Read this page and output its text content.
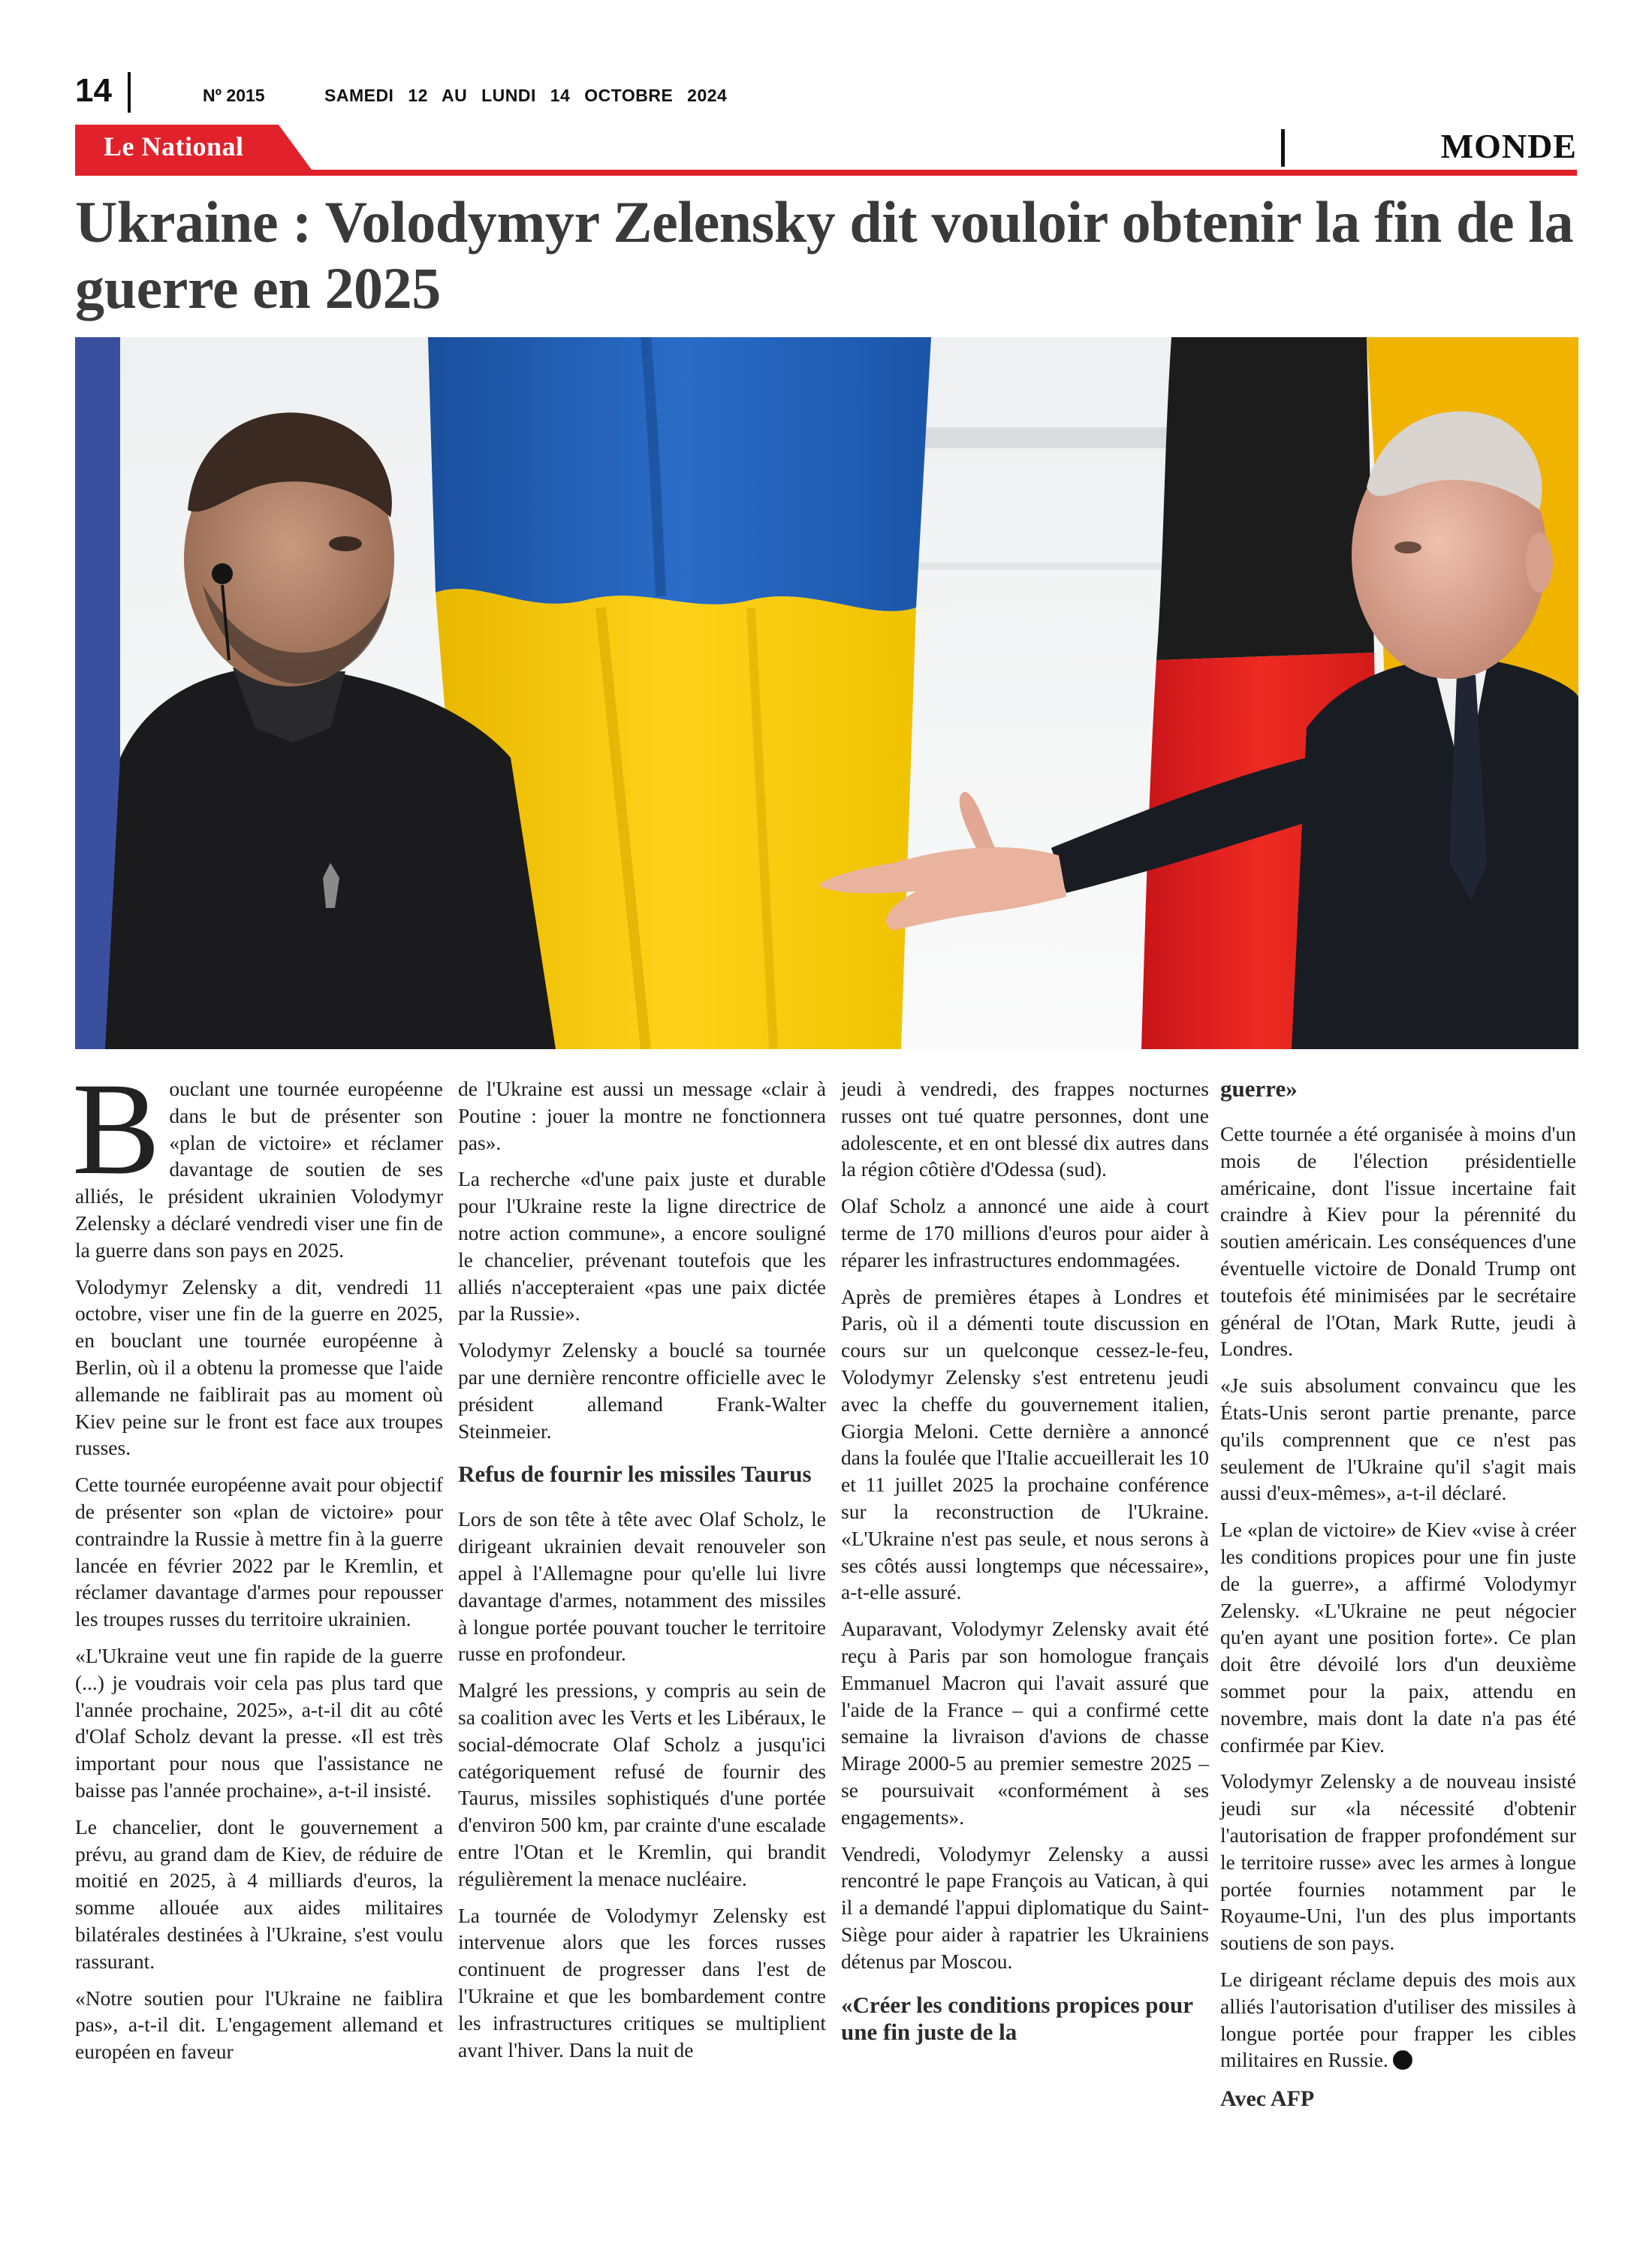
14	Nº 2015	SAMEDI 12 AU LUNDI 14 OCTOBRE 2024
Le National	MONDE
Ukraine : Volodymyr Zelensky dit vouloir obtenir la fin de la guerre en 2025

Bouclant une tournée européenne dans le but de présenter son «plan de victoire» et réclamer davantage de soutien de ses alliés, le président ukrainien Volodymyr Zelensky a déclaré vendredi viser une fin de la guerre dans son pays en 2025.

Volodymyr Zelensky a dit, vendredi 11 octobre, viser une fin de la guerre en 2025, en bouclant une tournée européenne à Berlin, où il a obtenu la promesse que l'aide allemande ne faiblirait pas au moment où Kiev peine sur le front est face aux troupes russes.

Cette tournée européenne avait pour objectif de présenter son «plan de victoire» pour contraindre la Russie à mettre fin à la guerre lancée en février 2022 par le Kremlin, et réclamer davantage d'armes pour repousser les troupes russes du territoire ukrainien.

«L'Ukraine veut une fin rapide de la guerre (...) je voudrais voir cela pas plus tard que l'année prochaine, 2025», a-t-il dit au côté d'Olaf Scholz devant la presse. «Il est très important pour nous que l'assistance ne baisse pas l'année prochaine», a-t-il insisté.

Le chancelier, dont le gouvernement a prévu, au grand dam de Kiev, de réduire de moitié en 2025, à 4 milliards d'euros, la somme allouée aux aides militaires bilatérales destinées à l'Ukraine, s'est voulu rassurant.

«Notre soutien pour l'Ukraine ne faiblira pas», a-t-il dit. L'engagement allemand et européen en faveur

de l'Ukraine est aussi un message «clair à Poutine : jouer la montre ne fonctionnera pas».

La recherche «d'une paix juste et durable pour l'Ukraine reste la ligne directrice de notre action commune», a encore souligné le chancelier, prévenant toutefois que les alliés n'accepteraient «pas une paix dictée par la Russie».

Volodymyr Zelensky a bouclé sa tournée par une dernière rencontre officielle avec le président allemand Frank-Walter Steinmeier.

Refus de fournir les missiles Taurus

Lors de son tête à tête avec Olaf Scholz, le dirigeant ukrainien devait renouveler son appel à l'Allemagne pour qu'elle lui livre davantage d'armes, notamment des missiles à longue portée pouvant toucher le territoire russe en profondeur.

Malgré les pressions, y compris au sein de sa coalition avec les Verts et les Libéraux, le social-démocrate Olaf Scholz a jusqu'ici catégoriquement refusé de fournir des Taurus, missiles sophistiqués d'une portée d'environ 500 km, par crainte d'une escalade entre l'Otan et le Kremlin, qui brandit régulièrement la menace nucléaire.

La tournée de Volodymyr Zelensky est intervenue alors que les forces russes continuent de progresser dans l'est de l'Ukraine et que les bombardement contre les infrastructures critiques se multiplient avant l'hiver. Dans la nuit de

jeudi à vendredi, des frappes nocturnes russes ont tué quatre personnes, dont une adolescente, et en ont blessé dix autres dans la région côtière d'Odessa (sud).

Olaf Scholz a annoncé une aide à court terme de 170 millions d'euros pour aider à réparer les infrastructures endommagées.

Après de premières étapes à Londres et Paris, où il a démenti toute discussion en cours sur un quelconque cessez-le-feu, Volodymyr Zelensky s'est entretenu jeudi avec la cheffe du gouvernement italien, Giorgia Meloni. Cette dernière a annoncé dans la foulée que l'Italie accueillerait les 10 et 11 juillet 2025 la prochaine conférence sur la reconstruction de l'Ukraine. «L'Ukraine n'est pas seule, et nous serons à ses côtés aussi longtemps que nécessaire», a-t-elle assuré.

Auparavant, Volodymyr Zelensky avait été reçu à Paris par son homologue français Emmanuel Macron qui l'avait assuré que l'aide de la France – qui a confirmé cette semaine la livraison d'avions de chasse Mirage 2000-5 au premier semestre 2025 – se poursuivait «conformément à ses engagements».

Vendredi, Volodymyr Zelensky a aussi rencontré le pape François au Vatican, à qui il a demandé l'appui diplomatique du Saint-Siège pour aider à rapatrier les Ukrainiens détenus par Moscou.

«Créer les conditions propices pour une fin juste de la
guerre»

Cette tournée a été organisée à moins d'un mois de l'élection présidentielle américaine, dont l'issue incertaine fait craindre à Kiev pour la pérennité du soutien américain. Les conséquences d'une éventuelle victoire de Donald Trump ont toutefois été minimisées par le secrétaire général de l'Otan, Mark Rutte, jeudi à Londres.

«Je suis absolument convaincu que les États-Unis seront partie prenante, parce qu'ils comprennent que ce n'est pas seulement de l'Ukraine qu'il s'agit mais aussi d'eux-mêmes», a-t-il déclaré.

Le «plan de victoire» de Kiev «vise à créer les conditions propices pour une fin juste de la guerre», a affirmé Volodymyr Zelensky. «L'Ukraine ne peut négocier qu'en ayant une position forte». Ce plan doit être dévoilé lors d'un deuxième sommet pour la paix, attendu en novembre, mais dont la date n'a pas été confirmée par Kiev.

Volodymyr Zelensky a de nouveau insisté jeudi sur «la nécessité d'obtenir l'autorisation de frapper profondément sur le territoire russe» avec les armes à longue portée fournies notamment par le Royaume-Uni, l'un des plus importants soutiens de son pays.

Le dirigeant réclame depuis des mois aux alliés l'autorisation d'utiliser des missiles à longue portée pour frapper les cibles militaires en Russie.

Avec AFP
